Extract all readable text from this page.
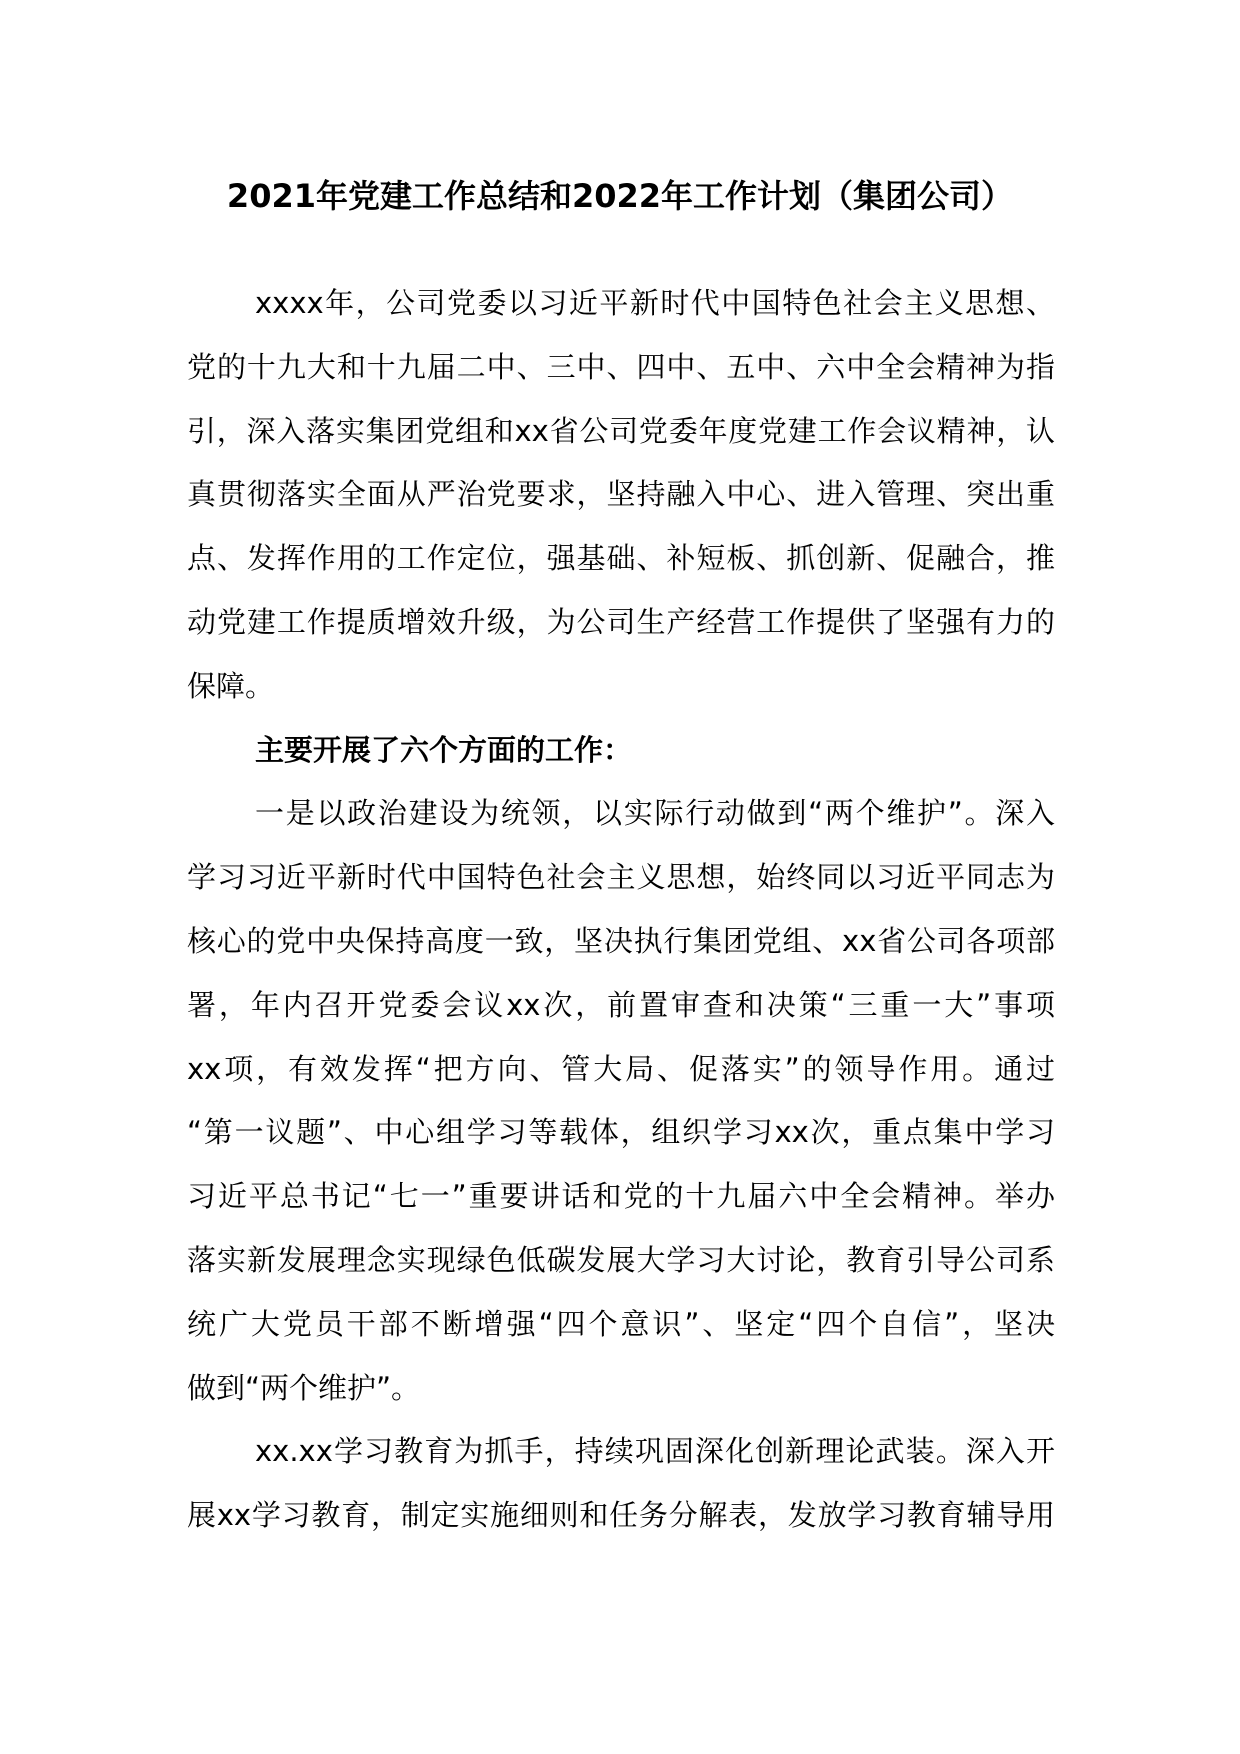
2021年党建工作总结和2022年工作计划（集团公司）
xxxx年，公司党委以习近平新时代中国特色社会主义思想、
党的十九大和十九届二中、三中、四中、五中、六中全会精神为指
引，深入落实集团党组和xx省公司党委年度党建工作会议精神，认
真贯彻落实全面从严治党要求，坚持融入中心、进入管理、突出重
点、发挥作用的工作定位，强基础、补短板、抓创新、促融合，推
动党建工作提质增效升级，为公司生产经营工作提供了坚强有力的
保障。
主要开展了六个方面的工作：
一是以政治建设为统领，以实际行动做到“两个维护”。深入
学习习近平新时代中国特色社会主义思想，始终同以习近平同志为
核心的党中央保持高度一致，坚决执行集团党组、xx省公司各项部
署，年内召开党委会议xx次，前置审查和决策“三重一大”事项
xx项，有效发挥“把方向、管大局、促落实”的领导作用。通过
“第一议题”、中心组学习等载体，组织学习xx次，重点集中学习
习近平总书记“七一”重要讲话和党的十九届六中全会精神。举办
落实新发展理念实现绿色低碳发展大学习大讨论，教育引导公司系
统广大党员干部不断增强“四个意识”、坚定“四个自信”，坚决
做到“两个维护”。
xx.xx学习教育为抓手，持续巩固深化创新理论武装。深入开
展xx学习教育，制定实施细则和任务分解表，发放学习教育辅导用
